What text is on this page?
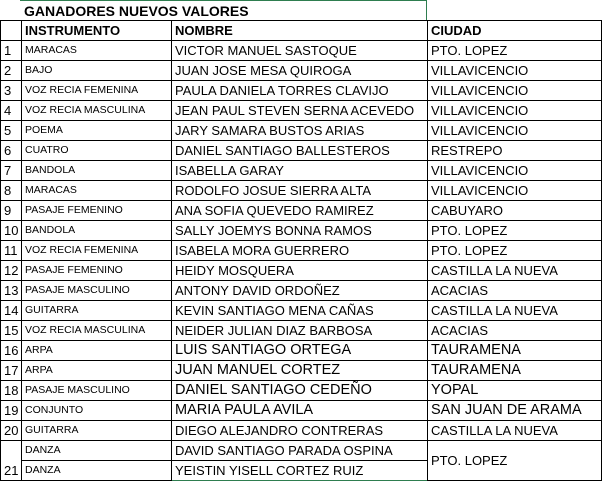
GANADORES NUEVOS VALORES
	INSTRUMENTO	NOMBRE	CIUDAD
1	MARACAS	VICTOR MANUEL SASTOQUE	PTO. LOPEZ
2	BAJO	JUAN JOSE MESA QUIROGA	VILLAVICENCIO
3	VOZ RECIA FEMENINA	PAULA DANIELA TORRES CLAVIJO	VILLAVICENCIO
4	VOZ RECIA MASCULINA	JEAN PAUL STEVEN SERNA ACEVEDO	VILLAVICENCIO
5	POEMA	JARY SAMARA BUSTOS ARIAS	VILLAVICENCIO
6	CUATRO	DANIEL SANTIAGO BALLESTEROS	RESTREPO
7	BANDOLA	ISABELLA GARAY	VILLAVICENCIO
8	MARACAS	RODOLFO JOSUE SIERRA ALTA	VILLAVICENCIO
9	PASAJE FEMENINO	ANA SOFIA QUEVEDO RAMIREZ	CABUYARO
10	BANDOLA	SALLY JOEMYS BONNA RAMOS	PTO. LOPEZ
11	VOZ RECIA FEMENINA	ISABELA MORA GUERRERO	PTO. LOPEZ
12	PASAJE FEMENINO	HEIDY MOSQUERA	CASTILLA LA NUEVA
13	PASAJE MASCULINO	ANTONY DAVID ORDOÑEZ	ACACIAS
14	GUITARRA	KEVIN SANTIAGO MENA CAÑAS	CASTILLA LA NUEVA
15	VOZ RECIA MASCULINA	NEIDER JULIAN DIAZ BARBOSA	ACACIAS
16	ARPA	LUIS SANTIAGO ORTEGA	TAURAMENA
17	ARPA	JUAN MANUEL CORTEZ	TAURAMENA
18	PASAJE MASCULINO	DANIEL SANTIAGO CEDEÑO	YOPAL
19	CONJUNTO	MARIA PAULA AVILA	SAN JUAN DE ARAMA
20	GUITARRA	DIEGO ALEJANDRO CONTRERAS	CASTILLA LA NUEVA
	DANZA	DAVID SANTIAGO PARADA OSPINA	PTO. LOPEZ
21	DANZA	YEISTIN YISELL CORTEZ RUIZ	
